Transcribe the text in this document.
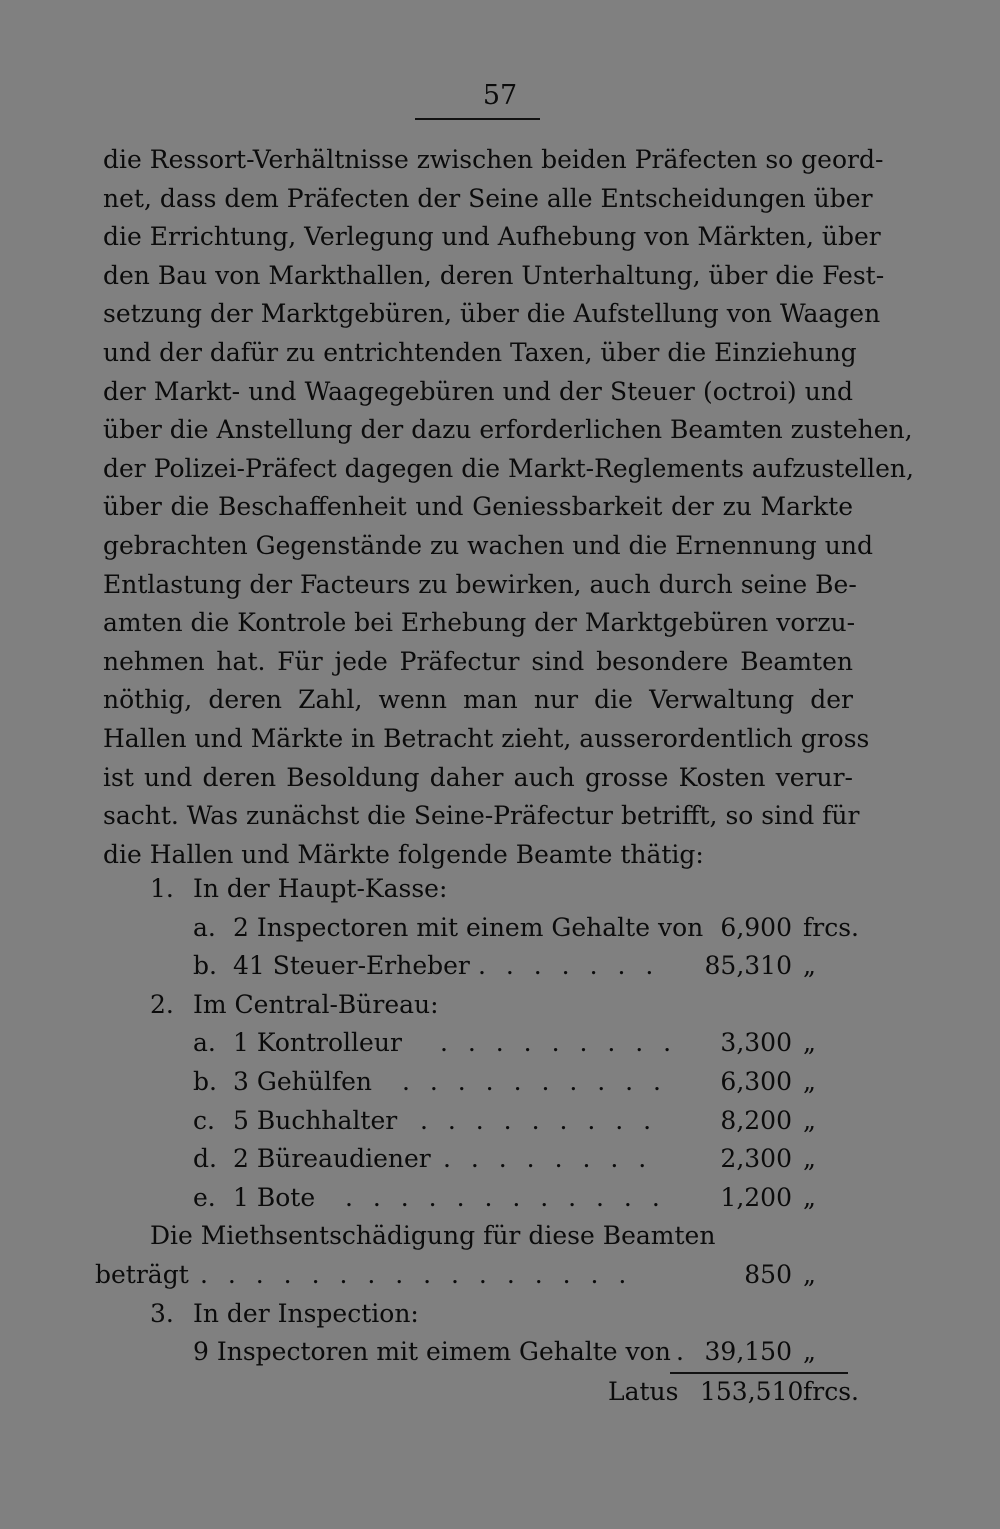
57
die Ressort-Verhältnisse zwischen beiden Präfecten so geord-
net, dass dem Präfecten der Seine alle Entscheidungen über
die Errichtung, Verlegung und Aufhebung von Märkten, über
den Bau von Markthallen, deren Unterhaltung, über die Fest-
setzung der Marktgebüren, über die Aufstellung von Waagen
und der dafür zu entrichtenden Taxen, über die Einziehung
der Markt- und Waagegebüren und der Steuer (octroi) und
über die Anstellung der dazu erforderlichen Beamten zustehen,
der Polizei-Präfect dagegen die Markt-Reglements aufzustellen,
über die Beschaffenheit und Geniessbarkeit der zu Markte
gebrachten Gegenstände zu wachen und die Ernennung und
Entlastung der Facteurs zu bewirken, auch durch seine Be-
amten die Kontrole bei Erhebung der Marktgebüren vorzu-
nehmen hat. Für jede Präfectur sind besondere Beamten
nöthig, deren Zahl, wenn man nur die Verwaltung der
Hallen und Märkte in Betracht zieht, ausserordentlich gross
ist und deren Besoldung daher auch grosse Kosten verur-
sacht. Was zunächst die Seine-Präfectur betrifft, so sind für
die Hallen und Märkte folgende Beamte thätig:
1. In der Haupt-Kasse:
a. 2 Inspectoren mit einem Gehalte von 6,900 frcs.
b. 41 Steuer-Erheber . . . . . . . 85,310 „
2. Im Central-Büreau:
a. 1 Kontrolleur . . . . . . . . . 3,300 „
b. 3 Gehülfen . . . . . . . . . . 6,300 „
c. 5 Buchhalter . . . . . . . . .	8,200 „
d. 2 Büreaudiener . . . . . . . .	2,300 „
e. 1 Bote . . . . . . . . . . . . 1,200 „
Die Miethsentschädigung für diese Beamten
beträgt . . . . . . . . . . . . . . . .	850 „
3. In der Inspection:
9 Inspectoren mit eimem Gehalte von . 39,150 „
Latus 153,510 frcs.
